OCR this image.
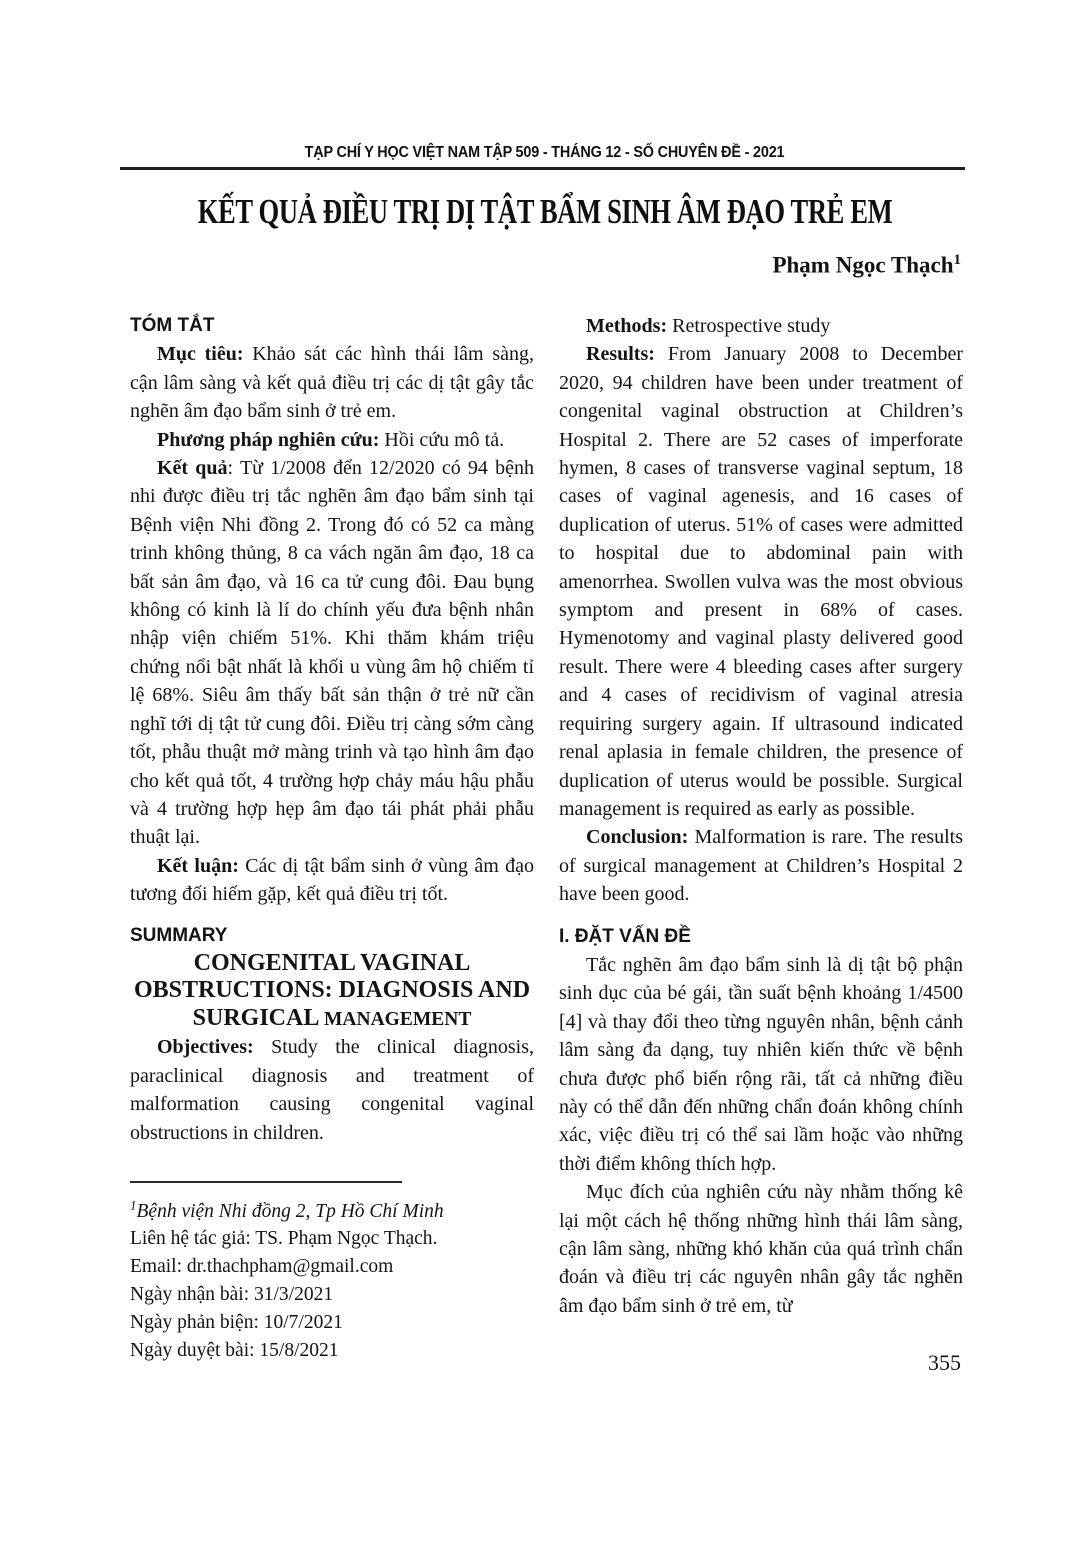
TẠP CHÍ Y HỌC VIỆT NAM TẬP 509 - THÁNG 12 - SỐ CHUYÊN ĐỀ - 2021
KẾT QUẢ ĐIỀU TRỊ DỊ TẬT BẨM SINH ÂM ĐẠO TRẺ EM
Phạm Ngọc Thạch$^1$
TÓM TẮT

Mục tiêu: Khảo sát các hình thái lâm sàng, cận lâm sàng và kết quả điều trị các dị tật gây tắc nghẽn âm đạo bẩm sinh ở trẻ em.

Phương pháp nghiên cứu: Hồi cứu mô tả.

Kết quả: Từ 1/2008 đến 12/2020 có 94 bệnh nhi được điều trị tắc nghẽn âm đạo bẩm sinh tại Bệnh viện Nhi đồng 2. Trong đó có 52 ca màng trinh không thủng, 8 ca vách ngăn âm đạo, 18 ca bất sản âm đạo, và 16 ca tử cung đôi. Đau bụng không có kinh là lí do chính yếu đưa bệnh nhân nhập viện chiếm 51%. Khi thăm khám triệu chứng nổi bật nhất là khối u vùng âm hộ chiếm tỉ lệ 68%. Siêu âm thấy bất sản thận ở trẻ nữ cần nghĩ tới dị tật tử cung đôi. Điều trị càng sớm càng tốt, phẫu thuật mở màng trinh và tạo hình âm đạo cho kết quả tốt, 4 trường hợp chảy máu hậu phẫu và 4 trường hợp hẹp âm đạo tái phát phải phẫu thuật lại.

Kết luận: Các dị tật bẩm sinh ở vùng âm đạo tương đối hiếm gặp, kết quả điều trị tốt.

SUMMARY
CONGENITAL VAGINAL
OBSTRUCTIONS: DIAGNOSIS AND
SURGICAL MANAGEMENT

Objectives: Study the clinical diagnosis, paraclinical diagnosis and treatment of malformation causing congenital vaginal obstructions in children.

$^1$Bệnh viện Nhi đồng 2, Tp Hồ Chí Minh
Liên hệ tác giả: TS. Phạm Ngọc Thạch.
Email: dr.thachpham@gmail.com
Ngày nhận bài: 31/3/2021
Ngày phản biện: 10/7/2021
Ngày duyệt bài: 15/8/2021

Methods: Retrospective study

Results: From January 2008 to December 2020, 94 children have been under treatment of congenital vaginal obstruction at Children’s Hospital 2. There are 52 cases of imperforate hymen, 8 cases of transverse vaginal septum, 18 cases of vaginal agenesis, and 16 cases of duplication of uterus. 51% of cases were admitted to hospital due to abdominal pain with amenorrhea. Swollen vulva was the most obvious symptom and present in 68% of cases. Hymenotomy and vaginal plasty delivered good result. There were 4 bleeding cases after surgery and 4 cases of recidivism of vaginal atresia requiring surgery again. If ultrasound indicated renal aplasia in female children, the presence of duplication of uterus would be possible. Surgical management is required as early as possible.

Conclusion: Malformation is rare. The results of surgical management at Children’s Hospital 2 have been good.

I. ĐẶT VẤN ĐỀ

Tắc nghẽn âm đạo bẩm sinh là dị tật bộ phận sinh dục của bé gái, tần suất bệnh khoảng 1/4500 [4] và thay đổi theo từng nguyên nhân, bệnh cảnh lâm sàng đa dạng, tuy nhiên kiến thức về bệnh chưa được phổ biến rộng rãi, tất cả những điều này có thể dẫn đến những chẩn đoán không chính xác, việc điều trị có thể sai lầm hoặc vào những thời điểm không thích hợp.

Mục đích của nghiên cứu này nhằm thống kê lại một cách hệ thống những hình thái lâm sàng, cận lâm sàng, những khó khăn của quá trình chẩn đoán và điều trị các nguyên nhân gây tắc nghẽn âm đạo bẩm sinh ở trẻ em, từ

355
